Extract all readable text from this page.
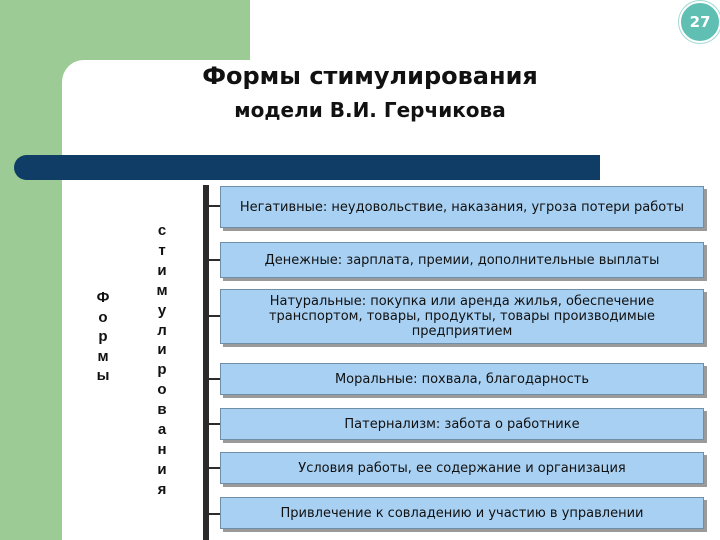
27
Формы стимулирования
модели В.И. Герчикова
Ф
о
р
м
ы
с
т
и
м
у
л
и
р
о
в
а
н
и
я
Негативные: неудовольствие, наказания, угроза потери работы
Денежные: зарплата, премии, дополнительные выплаты
Натуральные: покупка или аренда жилья, обеспечение транспортом, товары, продукты, товары производимые предприятием
Моральные: похвала, благодарность
Патернализм: забота о работнике
Условия работы, ее содержание и организация
Привлечение к совладению и участию в управлении
